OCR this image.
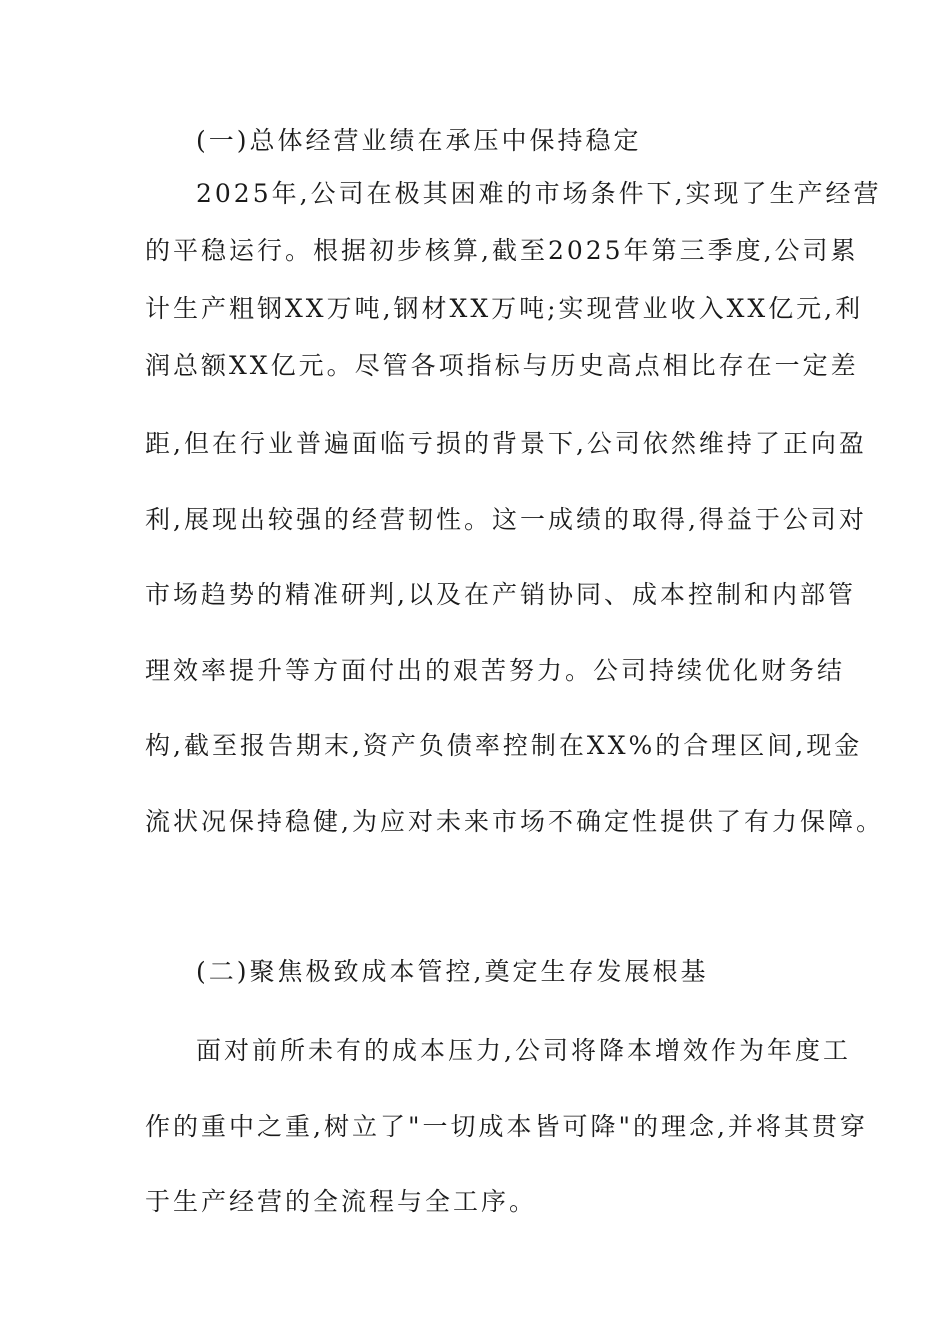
(一)总体经营业绩在承压中保持稳定
2025年,公司在极其困难的市场条件下,实现了生产经营
的平稳运行。根据初步核算,截至2025年第三季度,公司累
计生产粗钢XX万吨,钢材XX万吨;实现营业收入XX亿元,利
润总额XX亿元。尽管各项指标与历史高点相比存在一定差
距,但在行业普遍面临亏损的背景下,公司依然维持了正向盈
利,展现出较强的经营韧性。这一成绩的取得,得益于公司对
市场趋势的精准研判,以及在产销协同、成本控制和内部管
理效率提升等方面付出的艰苦努力。公司持续优化财务结
构,截至报告期末,资产负债率控制在XX%的合理区间,现金
流状况保持稳健,为应对未来市场不确定性提供了有力保障。
(二)聚焦极致成本管控,奠定生存发展根基
面对前所未有的成本压力,公司将降本增效作为年度工
作的重中之重,树立了"一切成本皆可降"的理念,并将其贯穿
于生产经营的全流程与全工序。
